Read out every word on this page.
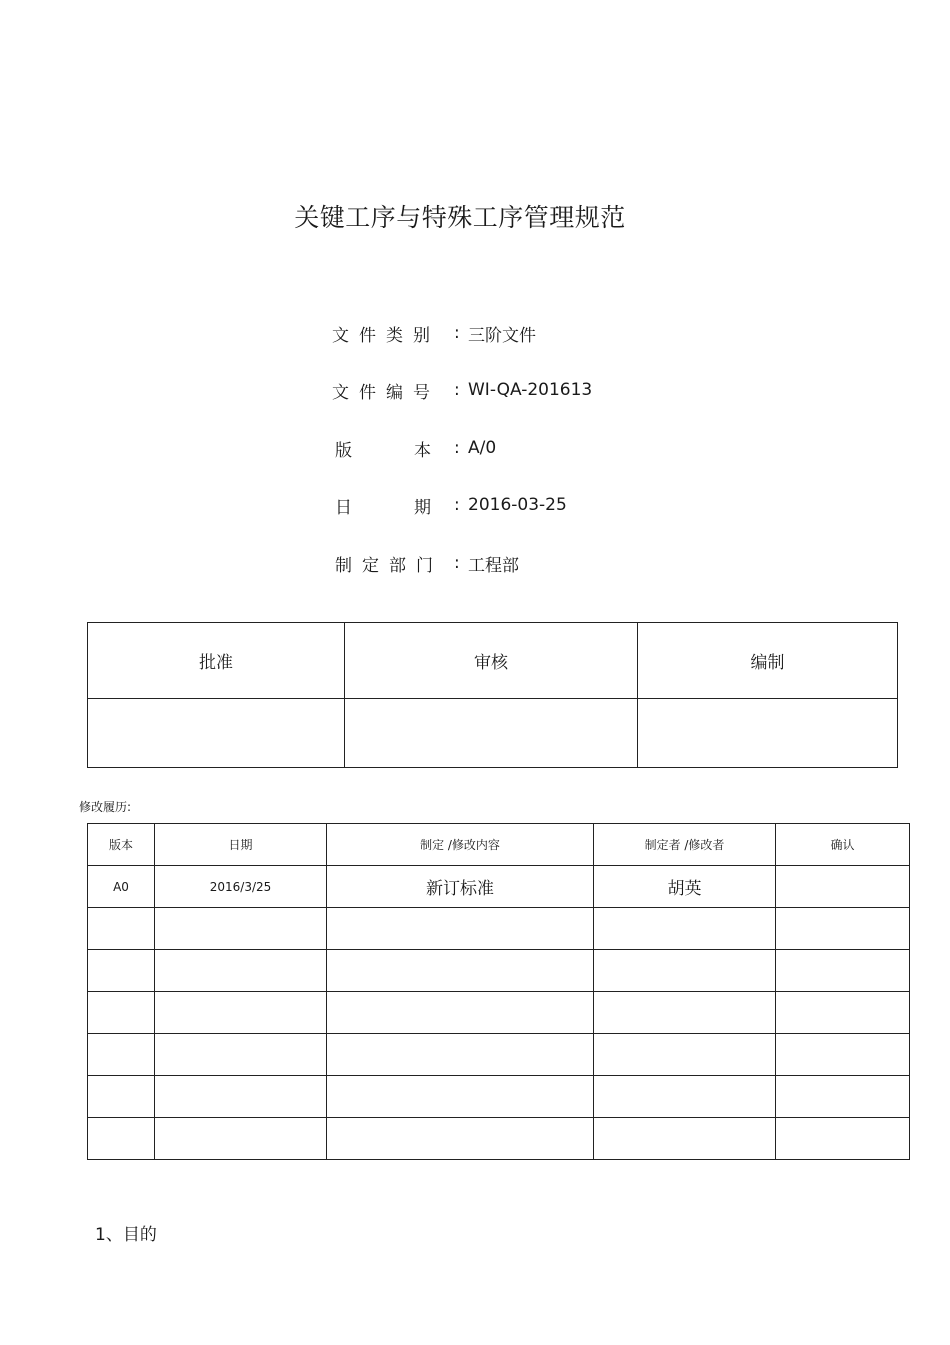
关键工序与特殊工序管理规范
文件类别 : 三阶文件
文件编号 : WI-QA-201613
版	本 : A/0
日	期 : 2016-03-25
制定部门 : 工程部
批准	审核	编制

修改履历:
版本	日期	制定 /修改内容	制定者 /修改者	确认
A0	2016/3/25	新订标准	胡英	

1、目的
